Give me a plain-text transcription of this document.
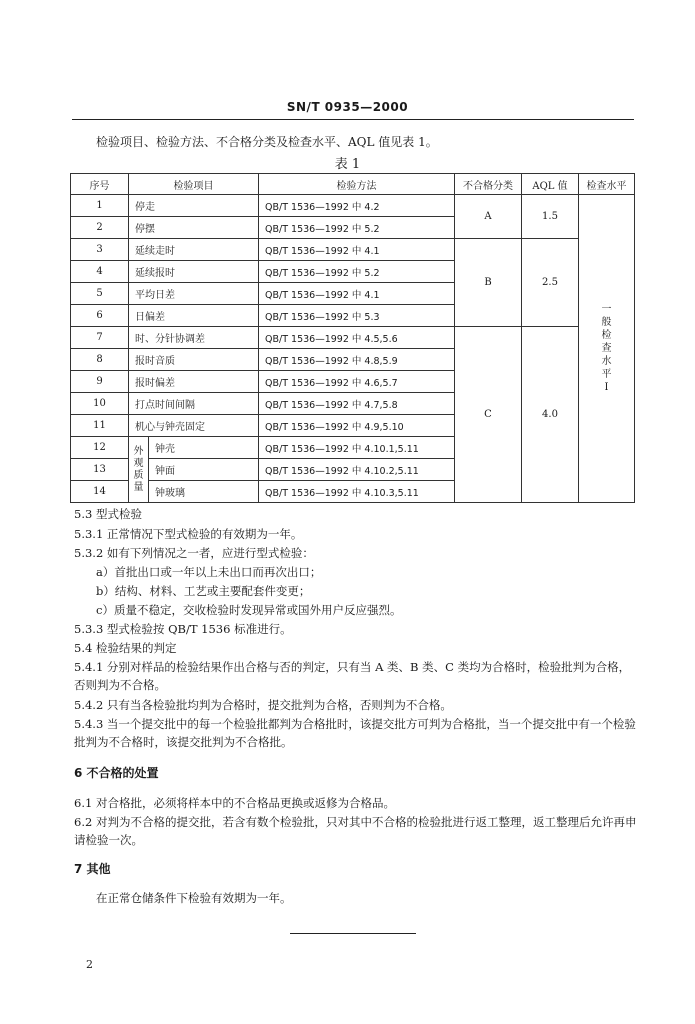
SN/T 0935—2000
检验项目、检验方法、不合格分类及检查水平、AQL 值见表 1。
表 1
序号	检验项目		检验方法	不合格分类	AQL 值	检查水平
1	停走		QB/T 1536—1992 中 4.2	A	1.5	一般检查水平 I
2	停摆		QB/T 1536—1992 中 5.2			
3	延续走时		QB/T 1536—1992 中 4.1	B	2.5	
4	延续报时		QB/T 1536—1992 中 5.2			
5	平均日差		QB/T 1536—1992 中 4.1			
6	日偏差		QB/T 1536—1992 中 5.3			
7	时、分针协调差		QB/T 1536—1992 中 4.5,5.6	C	4.0	
8	报时音质		QB/T 1536—1992 中 4.8,5.9			
9	报时偏差		QB/T 1536—1992 中 4.6,5.7			
10	打点时间间隔		QB/T 1536—1992 中 4.7,5.8			
11	机心与钟壳固定		QB/T 1536—1992 中 4.9,5.10			
12	外观质量	钟壳	QB/T 1536—1992 中 4.10.1,5.11			
13		钟面	QB/T 1536—1992 中 4.10.2,5.11			
14		钟玻璃	QB/T 1536—1992 中 4.10.3,5.11			
5.3 型式检验
5.3.1 正常情况下型式检验的有效期为一年。
5.3.2 如有下列情况之一者，应进行型式检验：
a）首批出口或一年以上未出口而再次出口；
b）结构、材料、工艺或主要配套件变更；
c）质量不稳定，交收检验时发现异常或国外用户反应强烈。
5.3.3 型式检验按 QB/T 1536 标准进行。
5.4 检验结果的判定
5.4.1 分别对样品的检验结果作出合格与否的判定，只有当 A 类、B 类、C 类均为合格时，检验批判为合格，否则判为不合格。
5.4.2 只有当各检验批均判为合格时，提交批判为合格，否则判为不合格。
5.4.3 当一个提交批中的每一个检验批都判为合格批时，该提交批方可判为合格批，当一个提交批中有一个检验批判为不合格时，该提交批判为不合格批。
6 不合格的处置
6.1 对合格批，必须将样本中的不合格品更换或返修为合格品。
6.2 对判为不合格的提交批，若含有数个检验批，只对其中不合格的检验批进行返工整理，返工整理后允许再申请检验一次。
7 其他
在正常仓储条件下检验有效期为一年。
2
